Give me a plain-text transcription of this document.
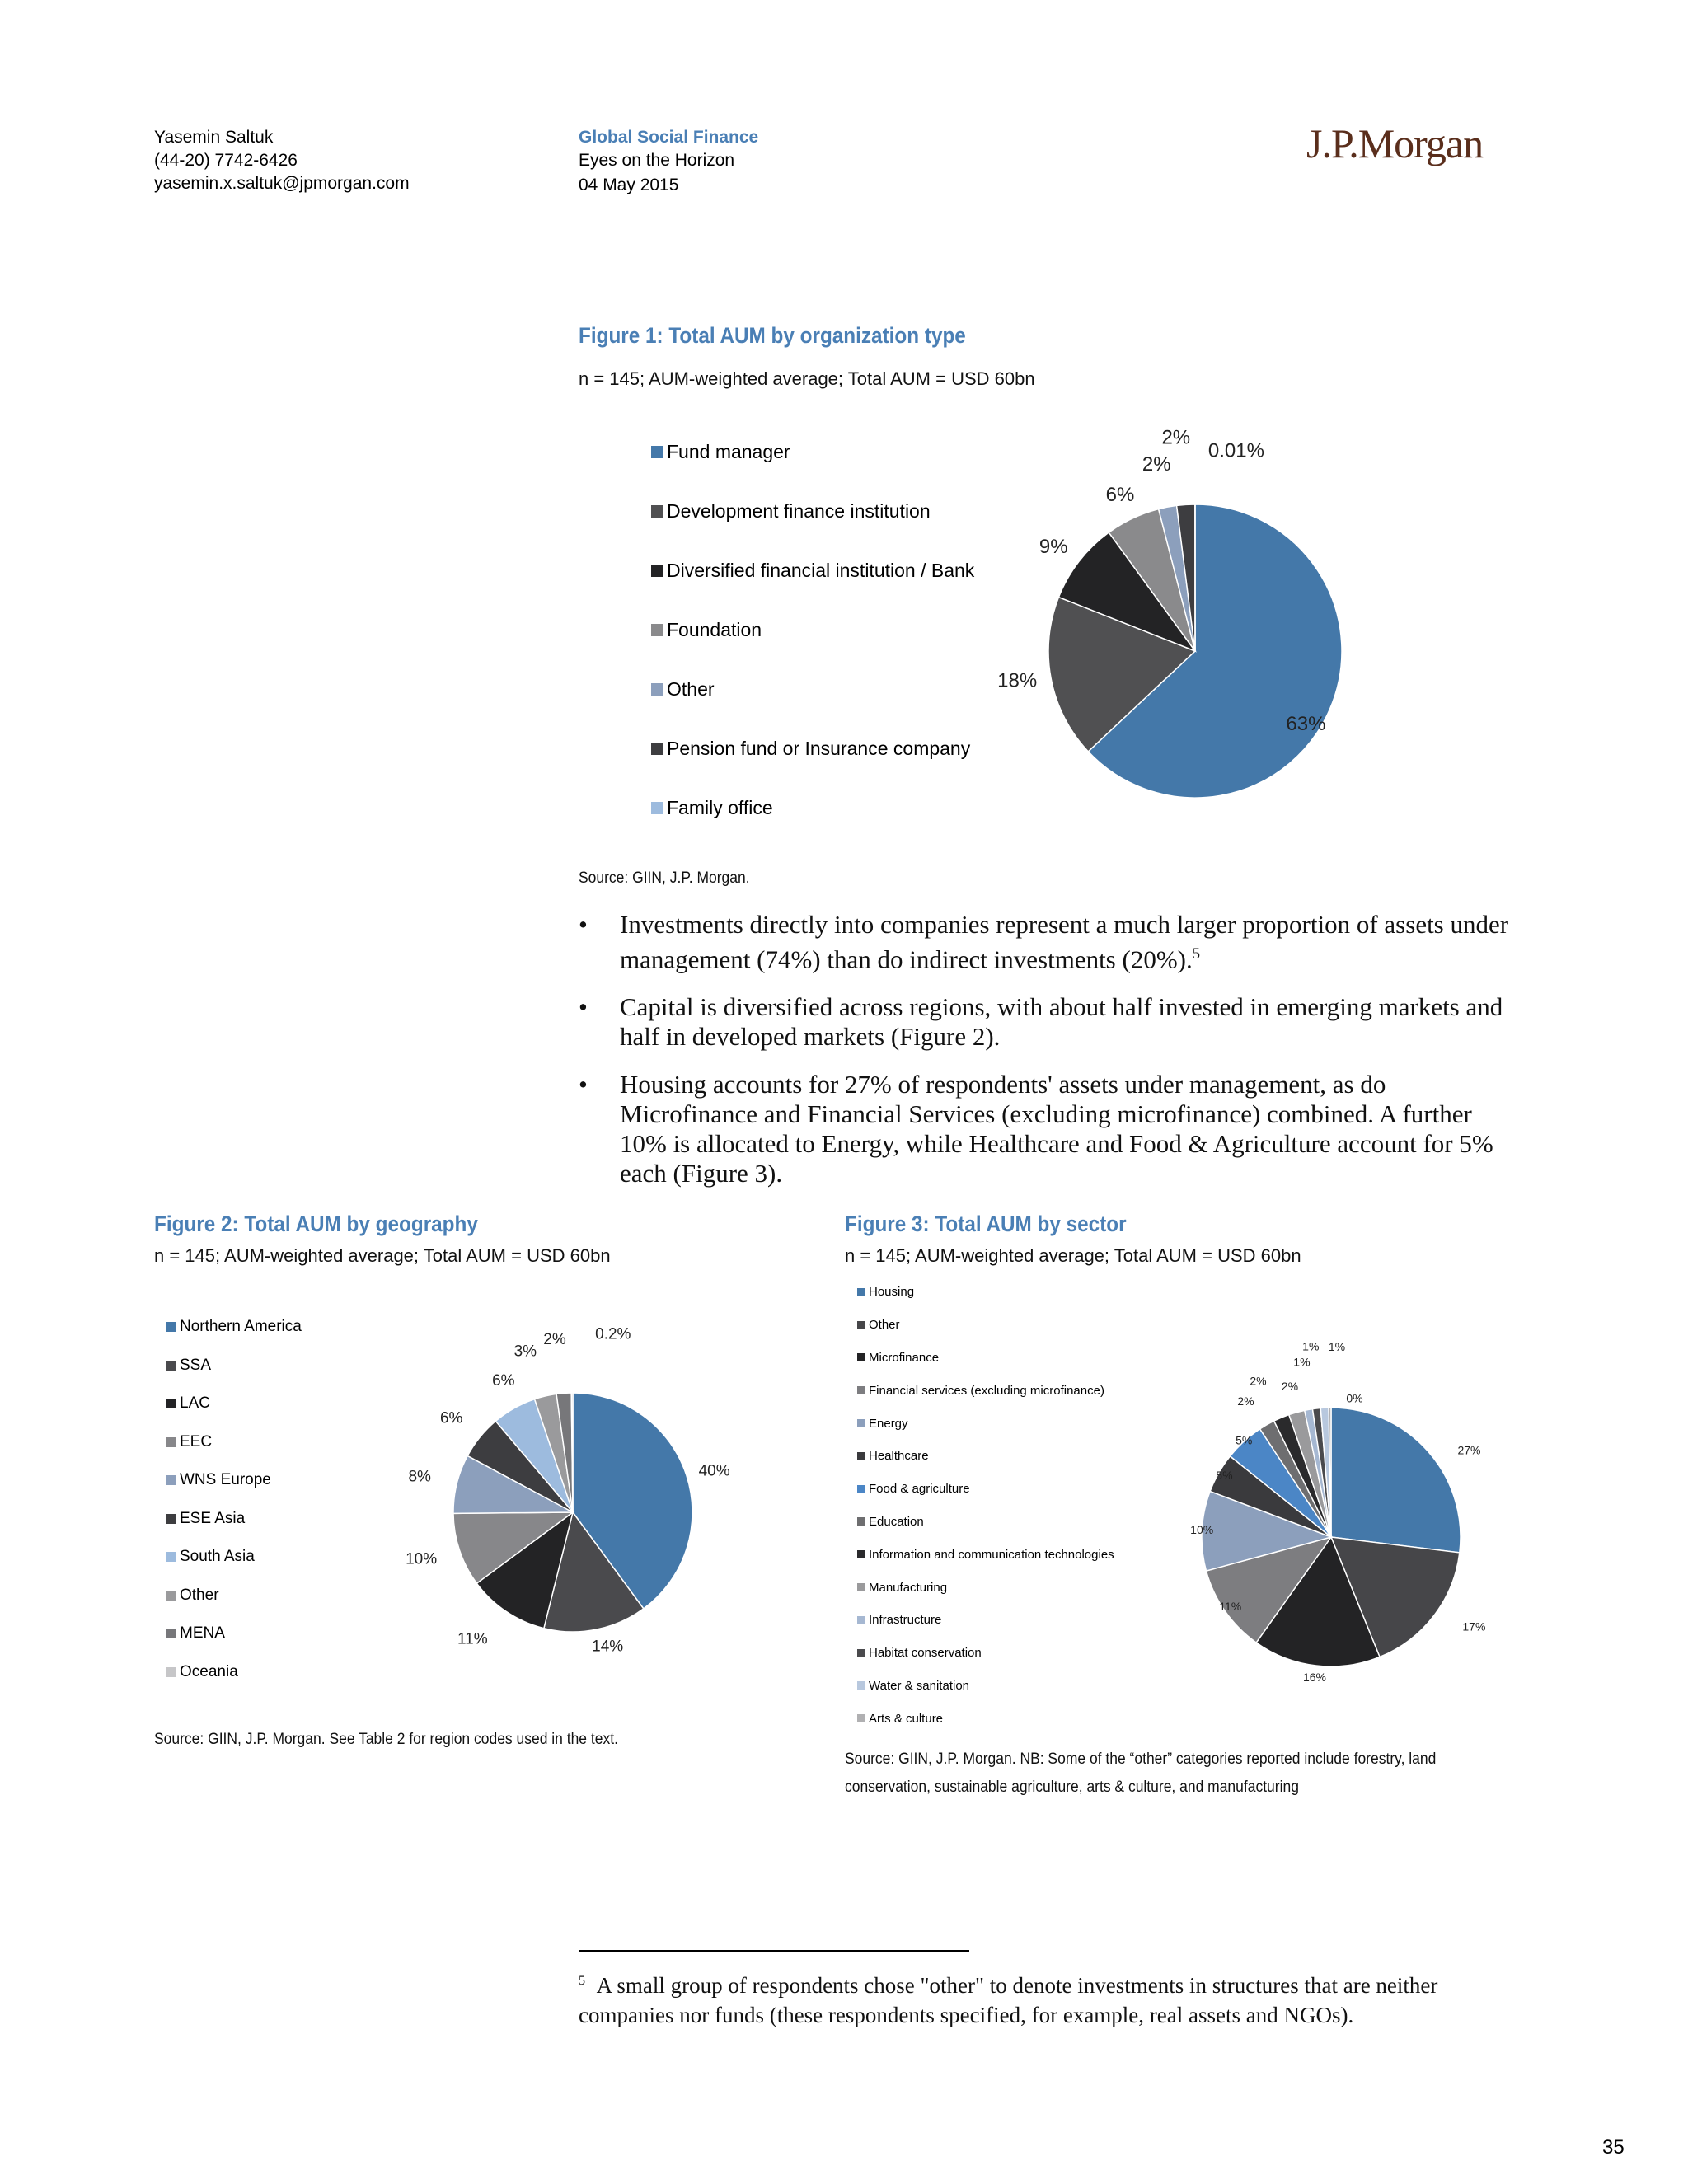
Yasemin Saltuk
(44-20) 7742-6426
yasemin.x.saltuk@jpmorgan.com
Global Social Finance
Eyes on the Horizon
04 May 2015
J.P.Morgan
Figure 1: Total AUM by organization type
n = 145; AUM-weighted average; Total AUM = USD 60bn
Fund manager
Development finance institution
Diversified financial institution / Bank
Foundation
Other
Pension fund or Insurance company
Family office
63%
18%
9%
6%
2%
2%
0.01%
Source: GIIN, J.P. Morgan.
• Investments directly into companies represent a much larger proportion of assets under management (74%) than do indirect investments (20%).$^5$
• Capital is diversified across regions, with about half invested in emerging markets and half in developed markets (Figure 2).
• Housing accounts for 27% of respondents' assets under management, as do Microfinance and Financial Services (excluding microfinance) combined. A further 10% is allocated to Energy, while Healthcare and Food & Agriculture account for 5% each (Figure 3).
Figure 2: Total AUM by geography
n = 145; AUM-weighted average; Total AUM = USD 60bn
Northern America
SSA
LAC
EEC
WNS Europe
ESE Asia
South Asia
Other
MENA
Oceania
40%
14%
11%
10%
8%
6%
6%
3%
2% 0.2%
Source: GIIN, J.P. Morgan. See Table 2 for region codes used in the text.
Figure 3: Total AUM by sector
n = 145; AUM-weighted average; Total AUM = USD 60bn
Housing
Other
Microfinance
Financial services (excluding microfinance)
Energy
Healthcare
Food & agriculture
Education
Information and communication technologies
Manufacturing
Infrastructure
Habitat conservation
Water & sanitation
Arts & culture
27%
17%
16%
11%
10%
5%
5%
2%
2% 2%
1%
1% 1%
0%
Source: GIIN, J.P. Morgan. NB: Some of the “other” categories reported include forestry, land
conservation, sustainable agriculture, arts & culture, and manufacturing
$^5$ A small group of respondents chose "other" to denote investments in structures that are neither companies nor funds (these respondents specified, for example, real assets and NGOs).
35
